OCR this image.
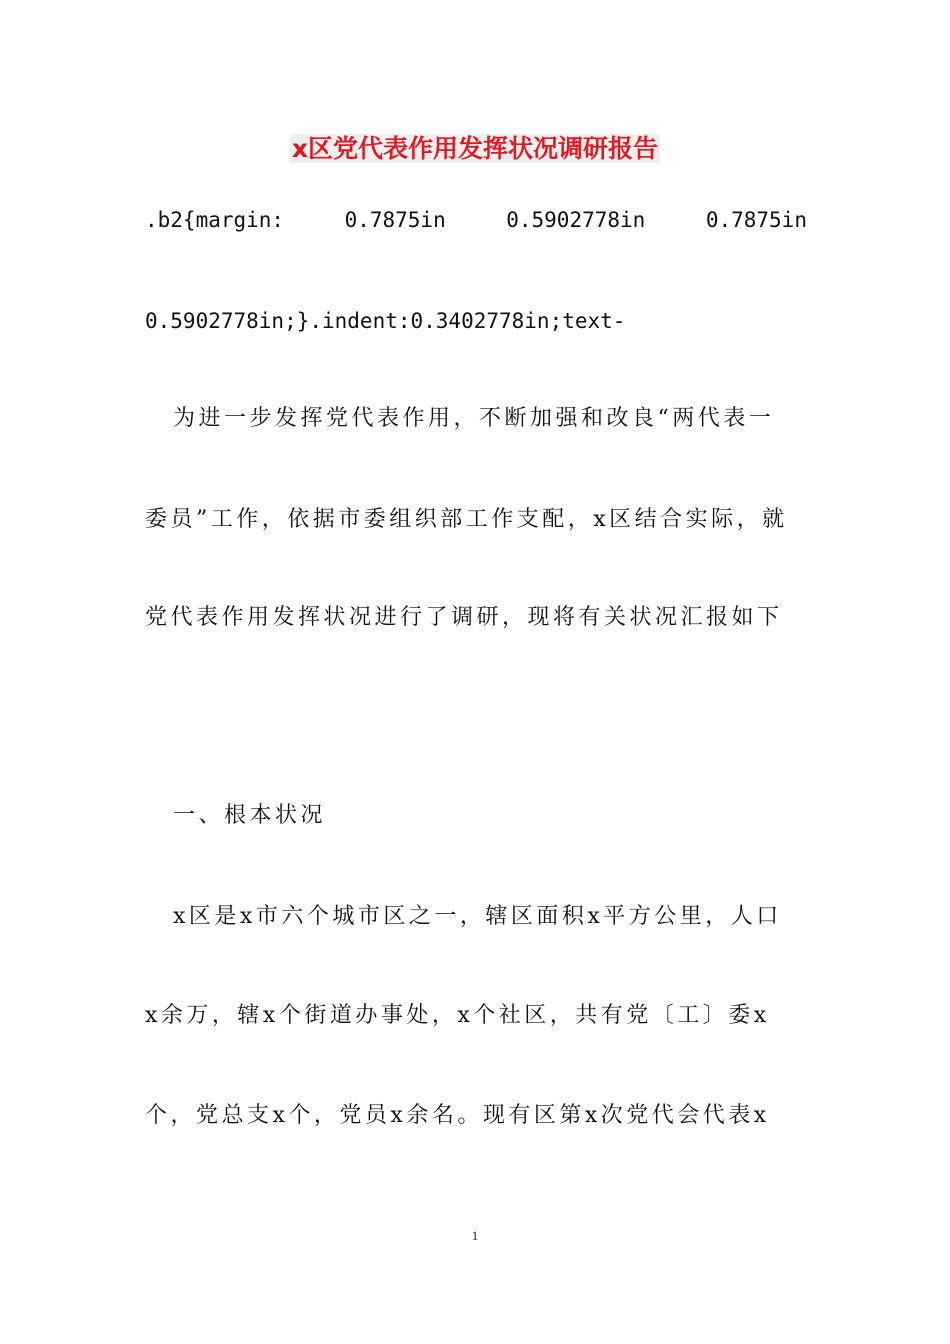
x区党代表作用发挥状况调研报告
.b2{margin:	0.7875in	0.5902778in	0.7875in
0.5902778in;}.indent:0.3402778in;text-
为进一步发挥党代表作用，不断加强和改良“两代表一
委员”工作，依据市委组织部工作支配，x区结合实际，就
党代表作用发挥状况进行了调研，现将有关状况汇报如下
一、根本状况
x区是x市六个城市区之一，辖区面积x平方公里，人口
x余万，辖x个街道办事处，x个社区，共有党〔工〕委x
个，党总支x个，党员x余名。现有区第x次党代会代表x
1
